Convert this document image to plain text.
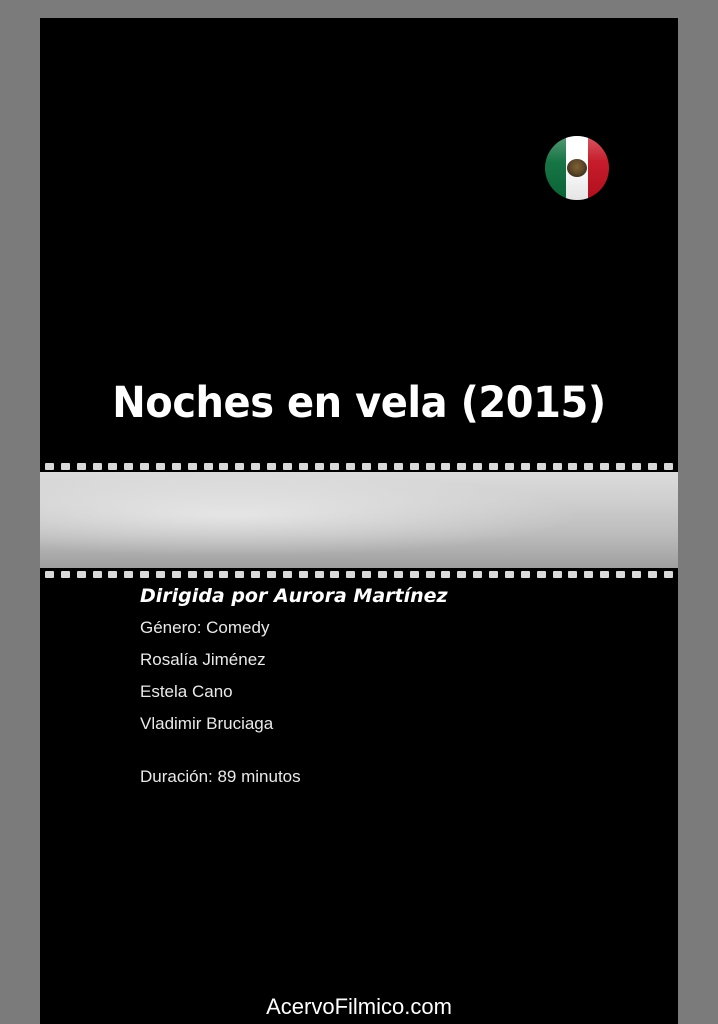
Noches en vela (2015)
Dirigida por Aurora Martínez
Género: Comedy
Rosalía Jiménez
Estela Cano
Vladimir Bruciaga
Duración: 89 minutos
AcervoFilmico.com
